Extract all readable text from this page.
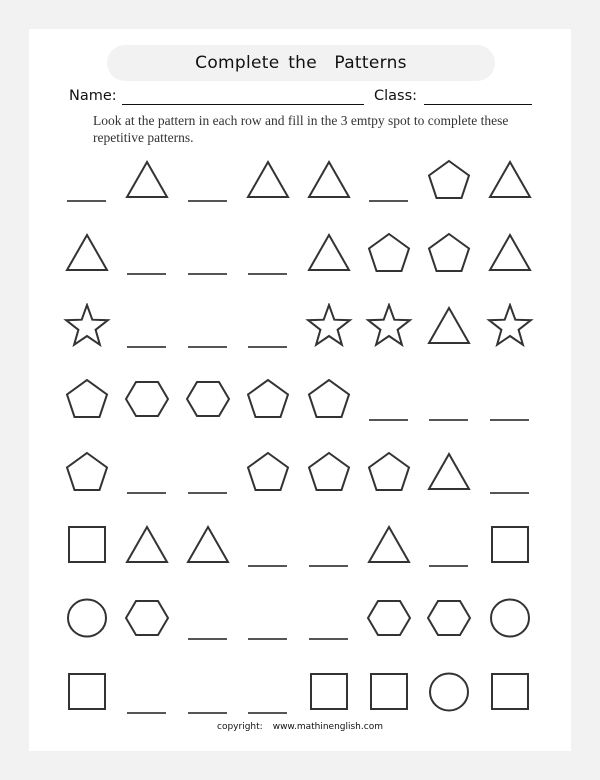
Complete the  Patterns
Name:	Class:
Look at the pattern in each row and fill in the 3 emtpy spot to complete these repetitive patterns.
copyright: www.mathinenglish.com
